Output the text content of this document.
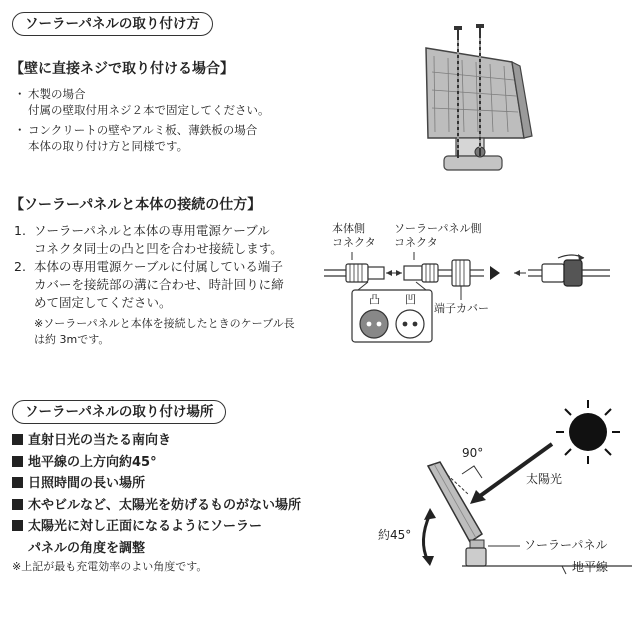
ソーラーパネルの取り付け方
【壁に直接ネジで取り付ける場合】
・ 木製の場合
付属の壁取付用ネジ２本で固定してください。
・ コンクリートの壁やアルミ板、薄鉄板の場合
本体の取り付け方と同様です。
【ソーラーパネルと本体の接続の仕方】
1. ソーラーパネルと本体の専用電源ケーブル
コネクタ同士の凸と凹を合わせ接続します。
2. 本体の専用電源ケーブルに付属している端子
カバーを接続部の溝に合わせ、時計回りに締
めて固定してください。
※ソーラーパネルと本体を接続したときのケーブル長
は約 3mです。
本体側
コネクタ
ソーラーパネル側
コネクタ
端子カバー
凸 凹
ソーラーパネルの取り付け場所
直射日光の当たる南向き
地平線の上方向約45°
日照時間の長い場所
木やビルなど、太陽光を妨げるものがない場所
太陽光に対し正面になるようにソーラー
パネルの角度を調整
※上記が最も充電効率のよい角度です。
90°
太陽光
約45°
ソーラーパネル
地平線
